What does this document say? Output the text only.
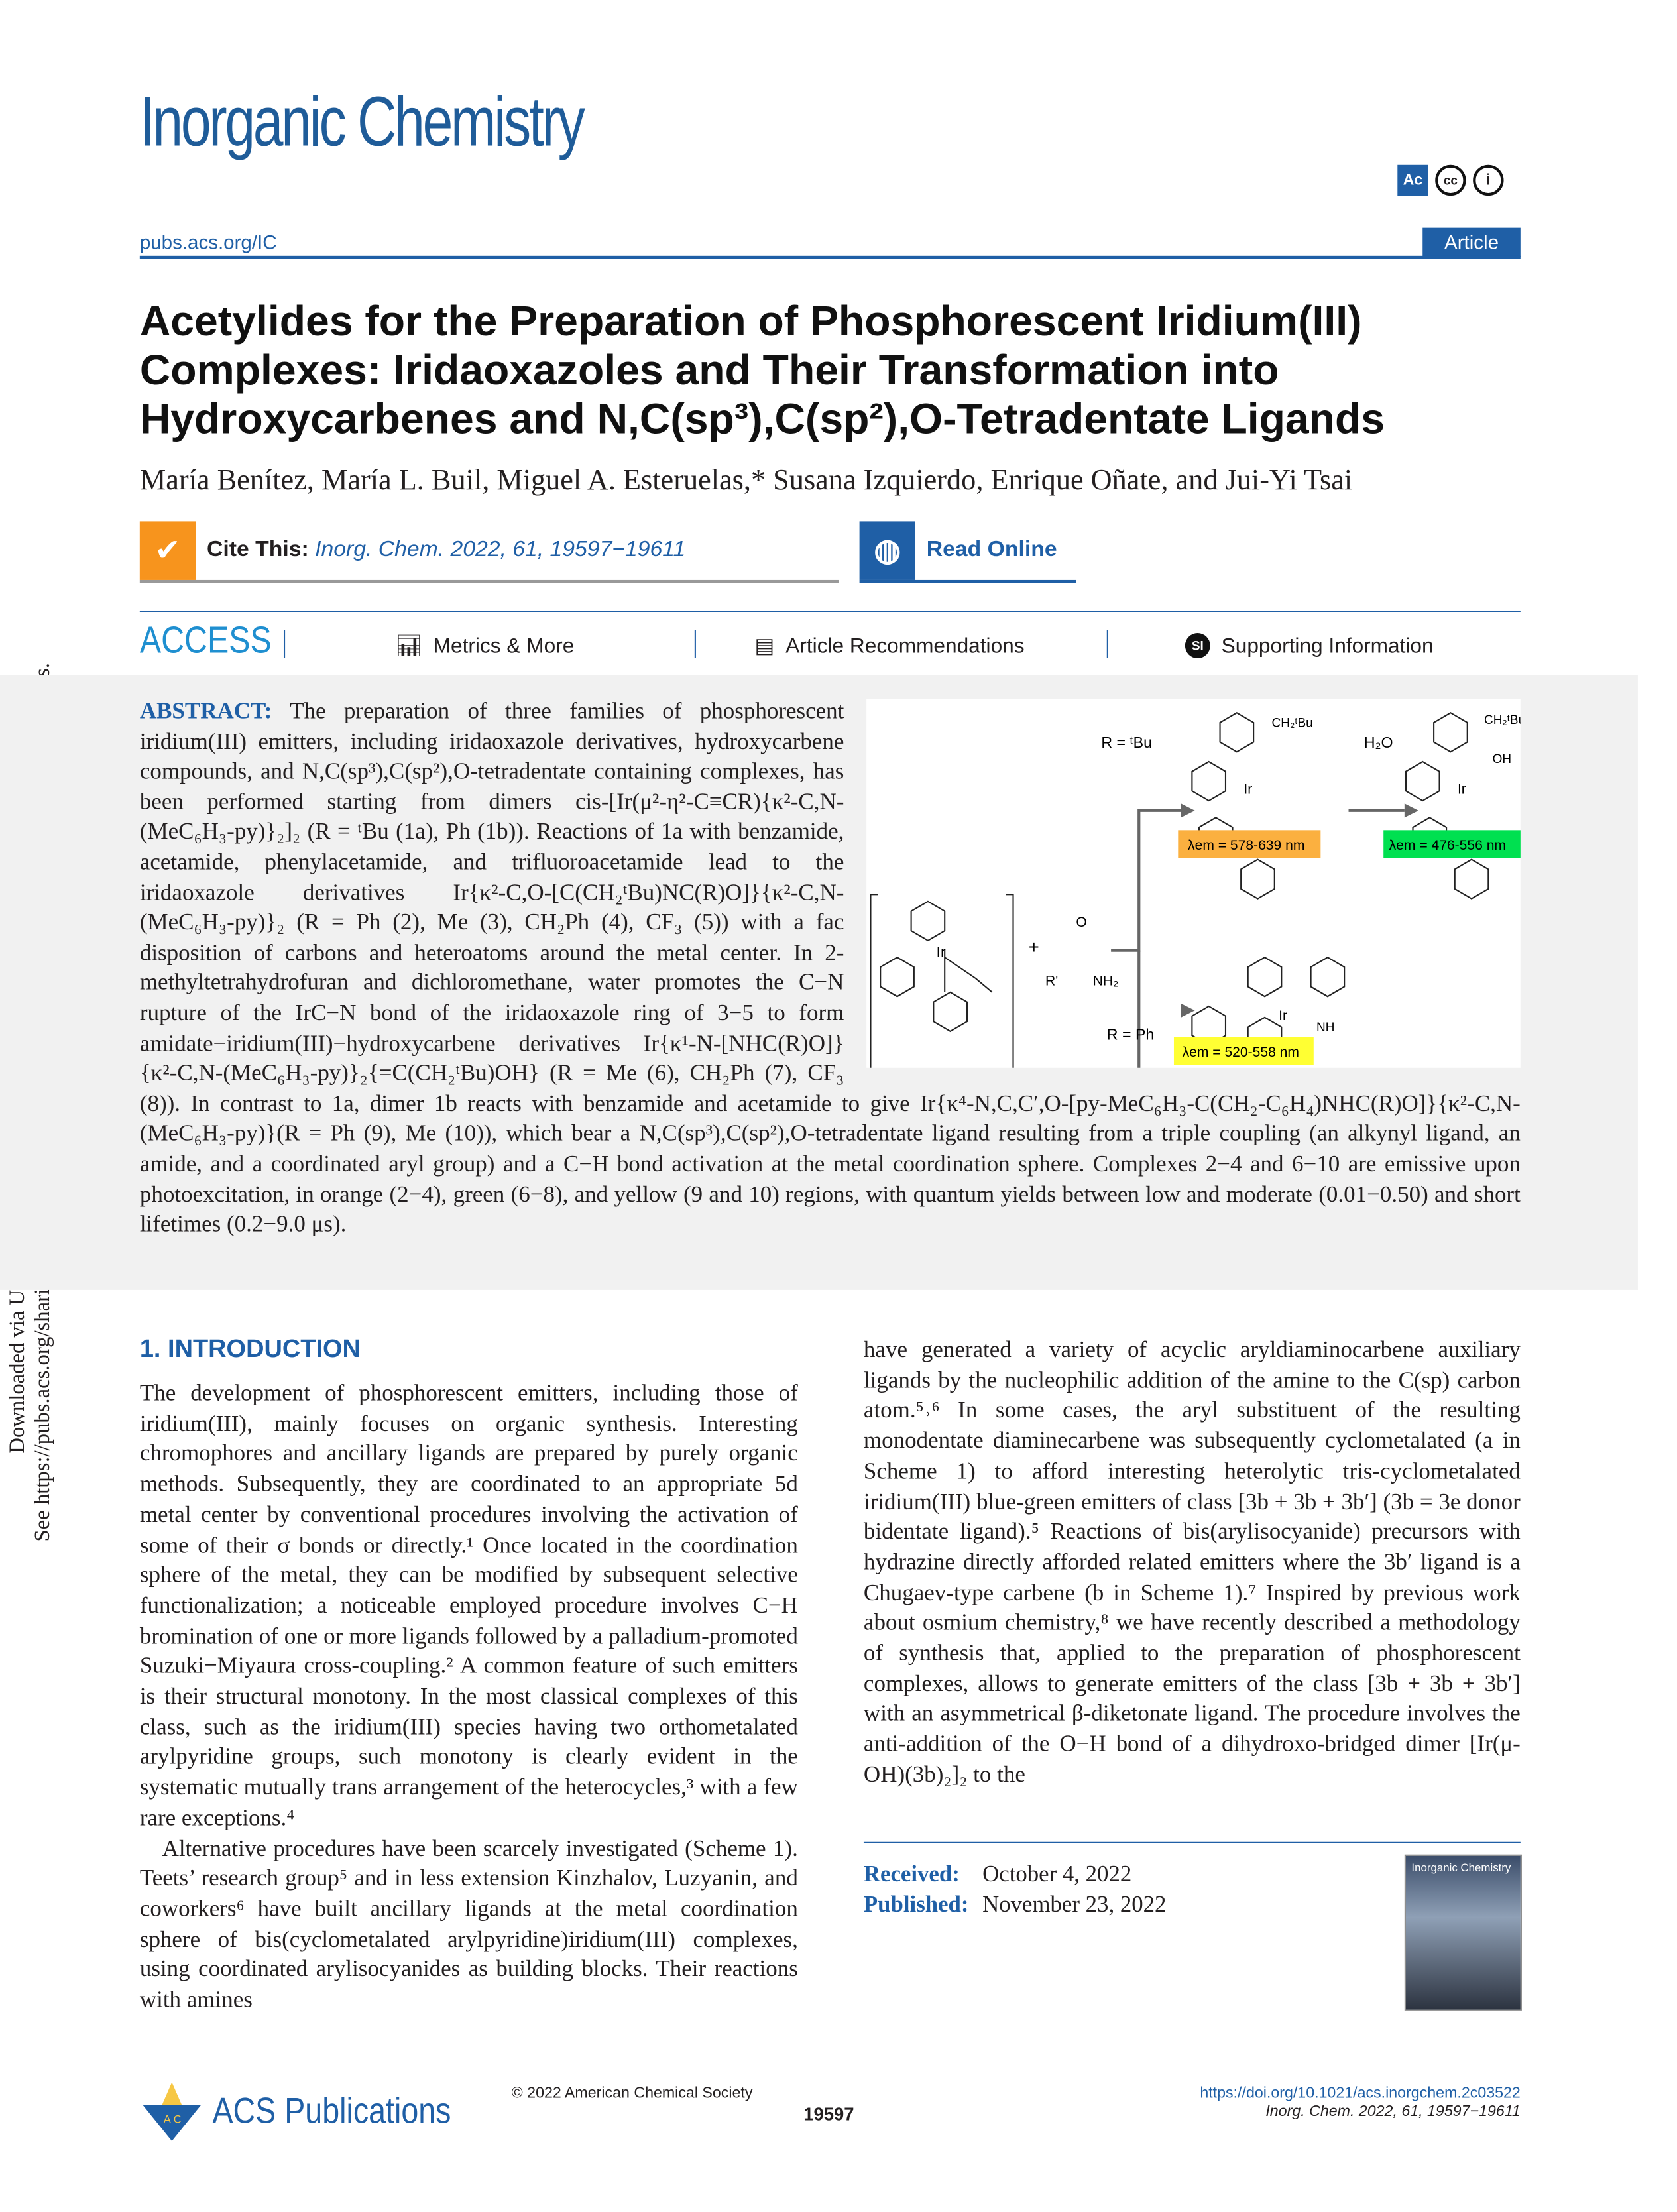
Inorganic Chemistry
Ac	cc	i
pubs.acs.org/IC	Article
Acetylides for the Preparation of Phosphorescent Iridium(III) Complexes: Iridaoxazoles and Their Transformation into Hydroxycarbenes and N,C(sp³),C(sp²),O-Tetradentate Ligands
María Benítez, María L. Buil, Miguel A. Esteruelas,* Susana Izquierdo, Enrique Oñate, and Jui-Yi Tsai
✔	Cite This:
Inorg. Chem. 2022, 61, 19597−19611	◍	Read Online
ACCESS	📊︎ Metrics & More	▤ Article Recommendations	SI	Supporting Information
Ir	+
O
R'	NH₂
R = ᵗBu
R = Ph
H₂O
Ir
CH₂ᵗBu
Ir
CH₂ᵗB
OH
Ir
NH
λem = 578-639 nm	λem = 476-556 nm
λem = 520-558 nm
ABSTRACT: The preparation of three families of phosphorescent iridium(III) emitters, including iridaoxazole derivatives, hydroxycarbene compounds, and N,C(sp³),C(sp²),O-tetradentate containing complexes, has been performed starting from dimers cis-[Ir(μ²-η²-C≡CR){κ²-C,N-(MeC₆H₃-py)}₂]₂ (R = ᵗBu (1a), Ph (1b)). Reactions of 1a with benzamide, acetamide, phenylacetamide, and trifluoroacetamide lead to the iridaoxazole derivatives Ir{κ²-C,O-[C(CH₂ᵗBu)NC(R)O]}{κ²-C,N-(MeC₆H₃-py)}₂ (R = Ph (2), Me (3), CH₂Ph (4), CF₃ (5)) with a fac disposition of carbons and heteroatoms around the metal center. In 2-methyltetrahydrofuran and dichloromethane, water promotes the C−N rupture of the IrC−N bond of the iridaoxazole ring of 3−5 to form amidate−iridium(III)−hydroxycarbene derivatives Ir{κ¹-N-[NHC(R)O]}{κ²-C,N-(MeC₆H₃-py)}₂{=C(CH₂ᵗBu)OH} (R = Me (6), CH₂Ph (7), CF₃ (8)). In contrast to 1a, dimer 1b reacts with benzamide and acetamide to give Ir{κ⁴-N,C,C′,O-[py-MeC₆H₃-C(CH₂-C₆H₄)NHC(R)O]}{κ²-C,N-(MeC₆H₃-py)}(R = Ph (9), Me (10)), which bear a N,C(sp³),C(sp²),O-tetradentate ligand resulting from a triple coupling (an alkynyl ligand, an amide, and a coordinated aryl group) and a C−H bond activation at the metal coordination sphere. Complexes 2−4 and 6−10 are emissive upon photoexcitation, in orange (2−4), green (6−8), and yellow (9 and 10) regions, with quantum yields between low and moderate (0.01−0.50) and short lifetimes (0.2−9.0 μs).
1. INTRODUCTION

The development of phosphorescent emitters, including those of iridium(III), mainly focuses on organic synthesis. Interesting chromophores and ancillary ligands are prepared by purely organic methods. Subsequently, they are coordinated to an appropriate 5d metal center by conventional procedures involving the activation of some of their σ bonds or directly.¹ Once located in the coordination sphere of the metal, they can be modified by subsequent selective functionalization; a noticeable employed procedure involves C−H bromination of one or more ligands followed by a palladium-promoted Suzuki−Miyaura cross-coupling.² A common feature of such emitters is their structural monotony. In the most classical complexes of this class, such as the iridium(III) species having two orthometalated arylpyridine groups, such monotony is clearly evident in the systematic mutually trans arrangement of the heterocycles,³ with a few rare exceptions.⁴

Alternative procedures have been scarcely investigated (Scheme 1). Teets’ research group⁵ and in less extension Kinzhalov, Luzyanin, and coworkers⁶ have built ancillary ligands at the metal coordination sphere of bis(cyclometalated arylpyridine)iridium(III) complexes, using coordinated arylisocyanides as building blocks. Their reactions with amines

have generated a variety of acyclic aryldiaminocarbene auxiliary ligands by the nucleophilic addition of the amine to the C(sp) carbon atom.⁵˒⁶ In some cases, the aryl substituent of the resulting monodentate diaminecarbene was subsequently cyclometalated (a in Scheme 1) to afford interesting heterolytic tris-cyclometalated iridium(III) blue-green emitters of class [3b + 3b + 3b′] (3b = 3e donor bidentate ligand).⁵ Reactions of bis(arylisocyanide) precursors with hydrazine directly afforded related emitters where the 3b′ ligand is a Chugaev-type carbene (b in Scheme 1).⁷ Inspired by previous work about osmium chemistry,⁸ we have recently described a methodology of synthesis that, applied to the preparation of phosphorescent complexes, allows to generate emitters of the class [3b + 3b + 3b′] with an asymmetrical β-diketonate ligand. The procedure involves the anti-addition of the O−H bond of a dihydroxo-bridged dimer [Ir(μ-OH)(3b)₂]₂ to the

Received: October 4, 2022
Published: November 23, 2022
Inorganic Chemistry
A C ACS Publications	© 2022 American Chemical Society
19597
https://doi.org/10.1021/acs.inorgchem.2c03522
Inorg. Chem. 2022, 61, 19597−19611
